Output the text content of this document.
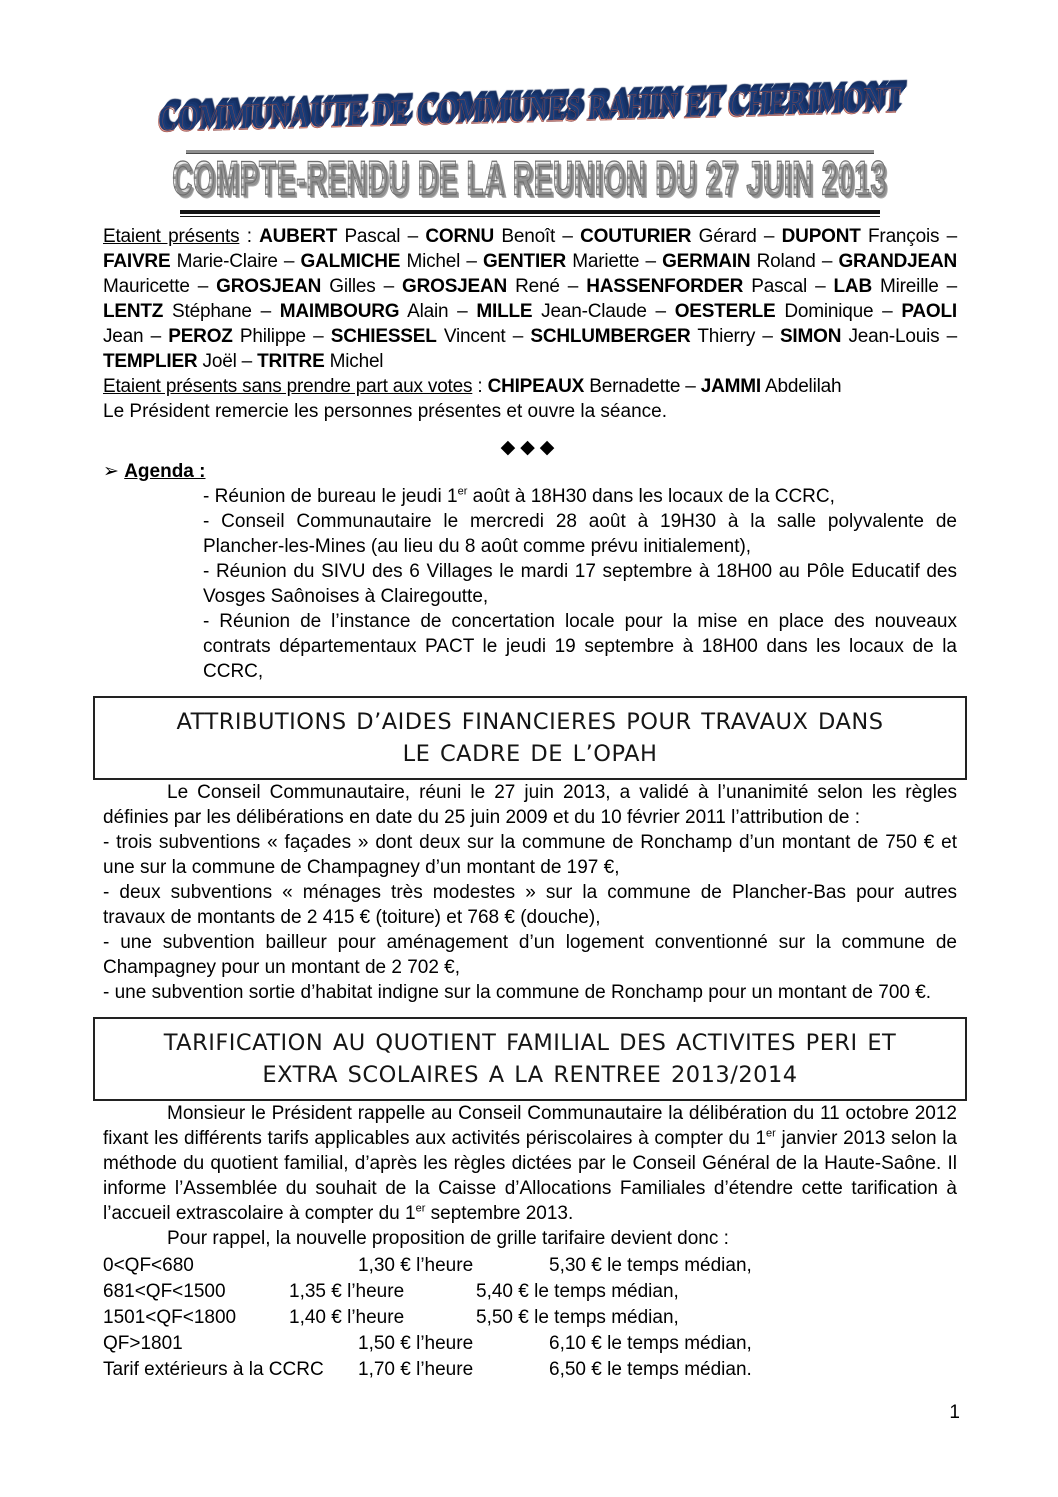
COMMUNAUTE DE COMMUNES RAHIN ET CHERIMONT
COMPTE-RENDU DE LA REUNION DU 27 JUIN 2013

Etaient présents : AUBERT Pascal – CORNU Benoît – COUTURIER Gérard – DUPONT François – FAIVRE Marie-Claire – GALMICHE Michel – GENTIER Mariette – GERMAIN Roland – GRANDJEAN Mauricette – GROSJEAN Gilles – GROSJEAN René – HASSENFORDER Pascal – LAB Mireille – LENTZ Stéphane – MAIMBOURG Alain – MILLE Jean-Claude – OESTERLE Dominique – PAOLI Jean – PEROZ Philippe – SCHIESSEL Vincent – SCHLUMBERGER Thierry – SIMON Jean-Louis – TEMPLIER Joël – TRITRE Michel

Etaient présents sans prendre part aux votes : CHIPEAUX Bernadette – JAMMI Abdelilah

Le Président remercie les personnes présentes et ouvre la séance.

◆◆◆

➢ Agenda :

- Réunion de bureau le jeudi 1er août à 18H30 dans les locaux de la CCRC,

- Conseil Communautaire le mercredi 28 août à 19H30 à la salle polyvalente de Plancher-les-Mines (au lieu du 8 août comme prévu initialement),

- Réunion du SIVU des 6 Villages le mardi 17 septembre à 18H00 au Pôle Educatif des Vosges Saônoises à Clairegoutte,

- Réunion de l’instance de concertation locale pour la mise en place des nouveaux contrats départementaux PACT le jeudi 19 septembre à 18H00 dans les locaux de la CCRC,

ATTRIBUTIONS D’AIDES FINANCIERES POUR TRAVAUX DANS
LE CADRE DE L’OPAH

Le Conseil Communautaire, réuni le 27 juin 2013, a validé à l’unanimité selon les règles définies par les délibérations en date du 25 juin 2009 et du 10 février 2011 l’attribution de :

- trois subventions « façades » dont deux sur la commune de Ronchamp d’un montant de 750 € et une sur la commune de Champagney d’un montant de 197 €,

- deux subventions « ménages très modestes » sur la commune de Plancher-Bas pour autres travaux de montants de 2 415 € (toiture) et 768 € (douche),

- une subvention bailleur pour aménagement d’un logement conventionné sur la commune de Champagney pour un montant de 2 702 €,

- une subvention sortie d’habitat indigne sur la commune de Ronchamp pour un montant de 700 €.

TARIFICATION AU QUOTIENT FAMILIAL DES ACTIVITES PERI ET
EXTRA SCOLAIRES A LA RENTREE 2013/2014

Monsieur le Président rappelle au Conseil Communautaire la délibération du 11 octobre 2012 fixant les différents tarifs applicables aux activités périscolaires à compter du 1er janvier 2013 selon la méthode du quotient familial, d’après les règles dictées par le Conseil Général de la Haute-Saône. Il informe l’Assemblée du souhait de la Caisse d’Allocations Familiales d’étendre cette tarification à l’accueil extrascolaire à compter du 1er septembre 2013.

Pour rappel, la nouvelle proposition de grille tarifaire devient donc :

0<QF<680	1,30 € l’heure	5,30 € le temps médian,
681<QF<1500	1,35 € l’heure	5,40 € le temps médian,
1501<QF<1800	1,40 € l’heure	5,50 € le temps médian,
QF>1801	1,50 € l’heure	6,10 € le temps médian,
Tarif extérieurs à la CCRC 1,70 € l’heure	6,50 € le temps médian.
1
